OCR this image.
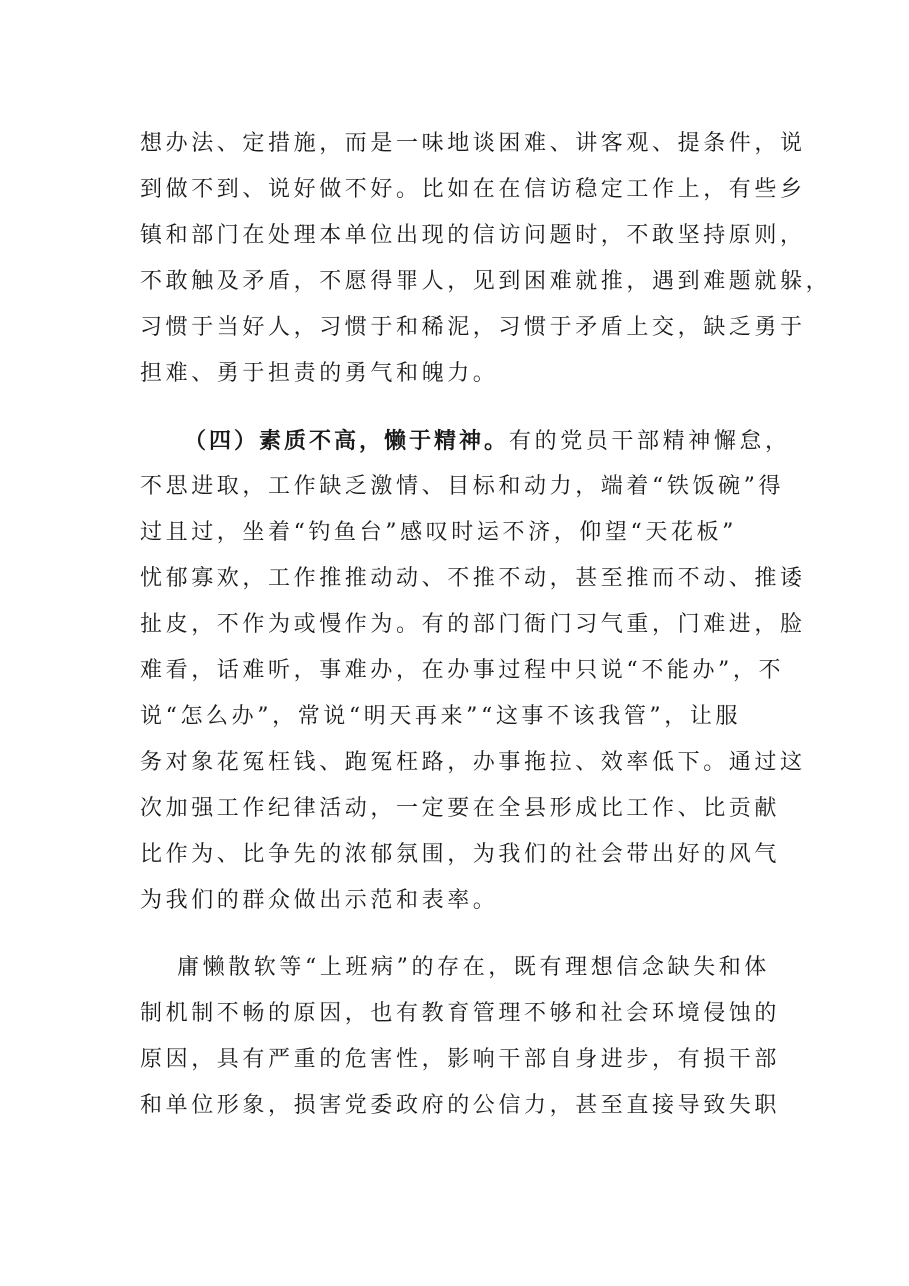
想办法、定措施，而是一味地谈困难、讲客观、提条件，说
到做不到、说好做不好。比如在在信访稳定工作上，有些乡
镇和部门在处理本单位出现的信访问题时，不敢坚持原则，
不敢触及矛盾，不愿得罪人，见到困难就推，遇到难题就躲，
习惯于当好人，习惯于和稀泥，习惯于矛盾上交，缺乏勇于
担难、勇于担责的勇气和魄力。
（四）素质不高，懒于精神。有的党员干部精神懈怠，
不思进取，工作缺乏激情、目标和动力，端着“铁饭碗”得
过且过，坐着“钓鱼台”感叹时运不济，仰望“天花板”
忧郁寡欢，工作推推动动、不推不动，甚至推而不动、推诿
扯皮，不作为或慢作为。有的部门衙门习气重，门难进，脸
难看，话难听，事难办，在办事过程中只说“不能办”，不
说“怎么办”，常说“明天再来”“这事不该我管”，让服
务对象花冤枉钱、跑冤枉路，办事拖拉、效率低下。通过这
次加强工作纪律活动，一定要在全县形成比工作、比贡献
比作为、比争先的浓郁氛围，为我们的社会带出好的风气
为我们的群众做出示范和表率。
庸懒散软等“上班病”的存在，既有理想信念缺失和体
制机制不畅的原因，也有教育管理不够和社会环境侵蚀的
原因，具有严重的危害性，影响干部自身进步，有损干部
和单位形象，损害党委政府的公信力，甚至直接导致失职
